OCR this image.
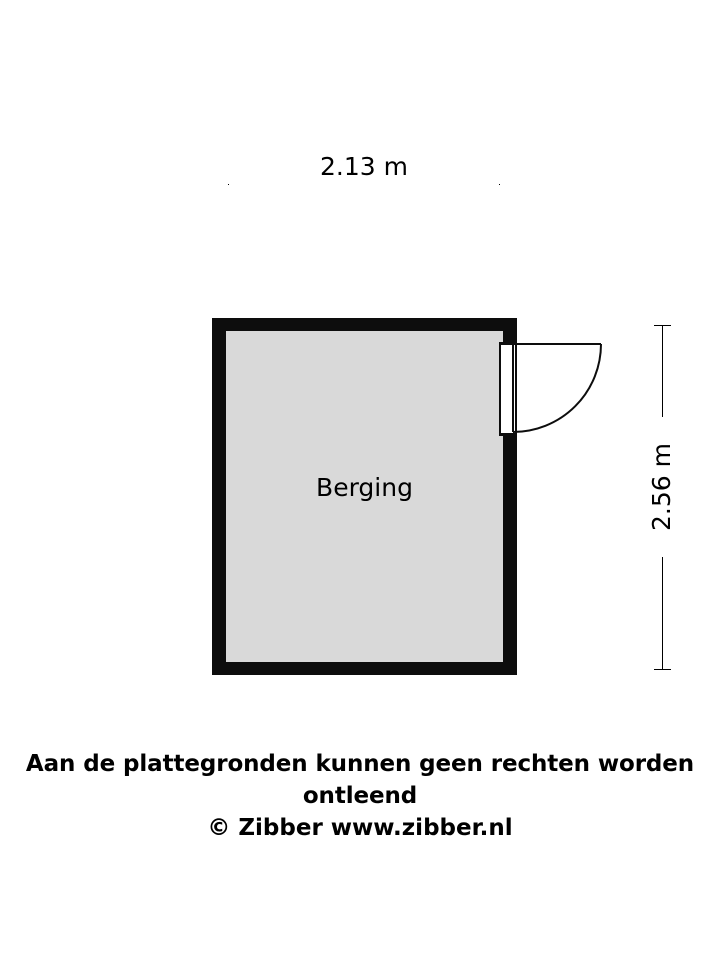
2.13 m
2.56 m
Berging
Aan de plattegronden kunnen geen rechten worden ontleend
© Zibber www.zibber.nl
